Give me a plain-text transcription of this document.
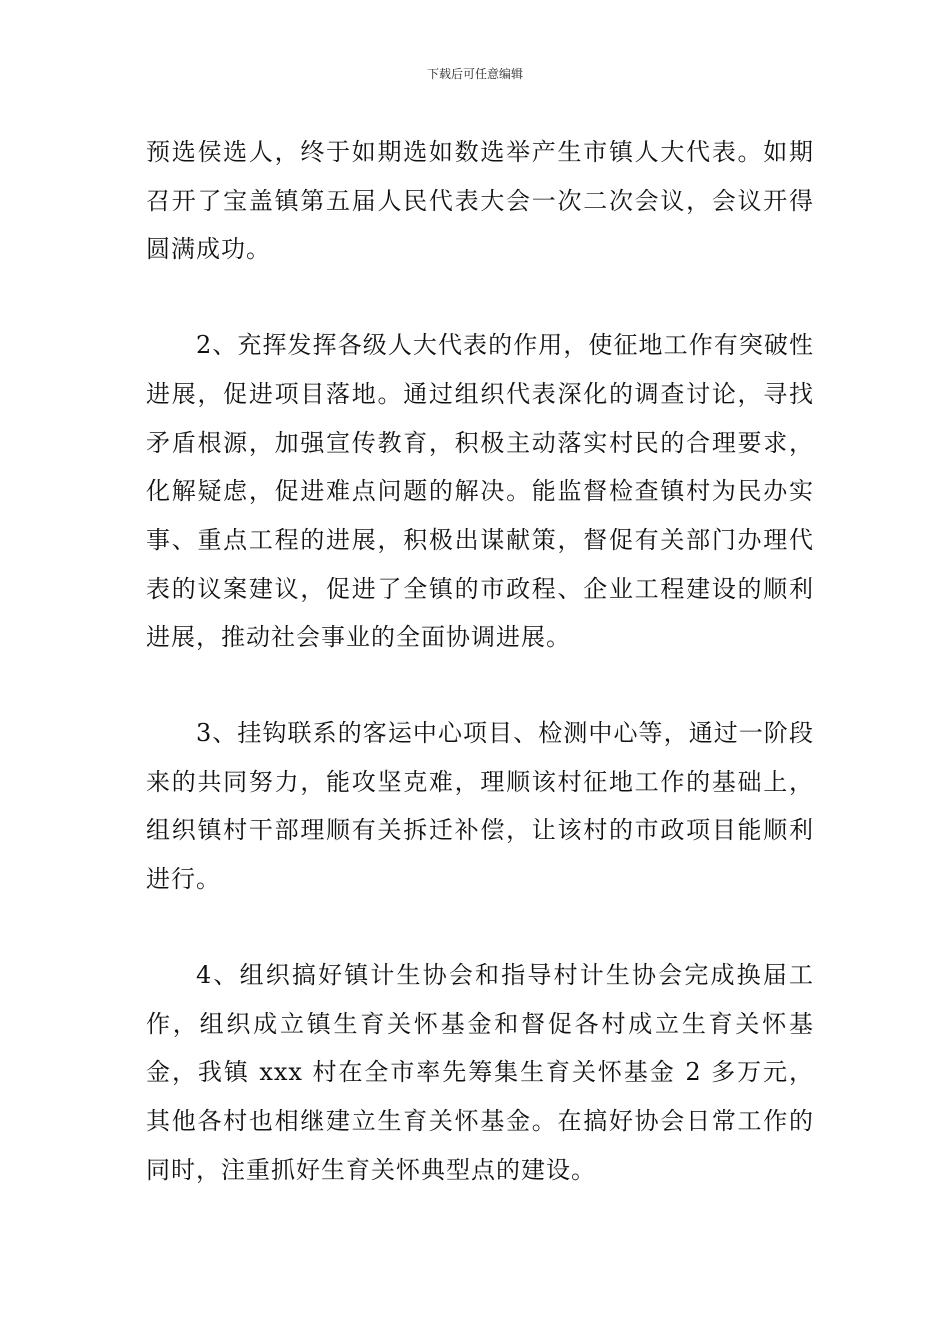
下载后可任意编辑

预选侯选人，终于如期选如数选举产生市镇人大代表。如期召开了宝盖镇第五届人民代表大会一次二次会议，会议开得圆满成功。

2、充挥发挥各级人大代表的作用，使征地工作有突破性进展，促进项目落地。通过组织代表深化的调查讨论，寻找矛盾根源，加强宣传教育，积极主动落实村民的合理要求，化解疑虑，促进难点问题的解决。能监督检查镇村为民办实事、重点工程的进展，积极出谋献策，督促有关部门办理代表的议案建议，促进了全镇的市政程、企业工程建设的顺利进展，推动社会事业的全面协调进展。

3、挂钩联系的客运中心项目、检测中心等，通过一阶段来的共同努力，能攻坚克难，理顺该村征地工作的基础上，组织镇村干部理顺有关拆迁补偿，让该村的市政项目能顺利进行。

4、组织搞好镇计生协会和指导村计生协会完成换届工作，组织成立镇生育关怀基金和督促各村成立生育关怀基金，我镇 xxx 村在全市率先筹集生育关怀基金 2 多万元，其他各村也相继建立生育关怀基金。在搞好协会日常工作的同时，注重抓好生育关怀典型点的建设。
